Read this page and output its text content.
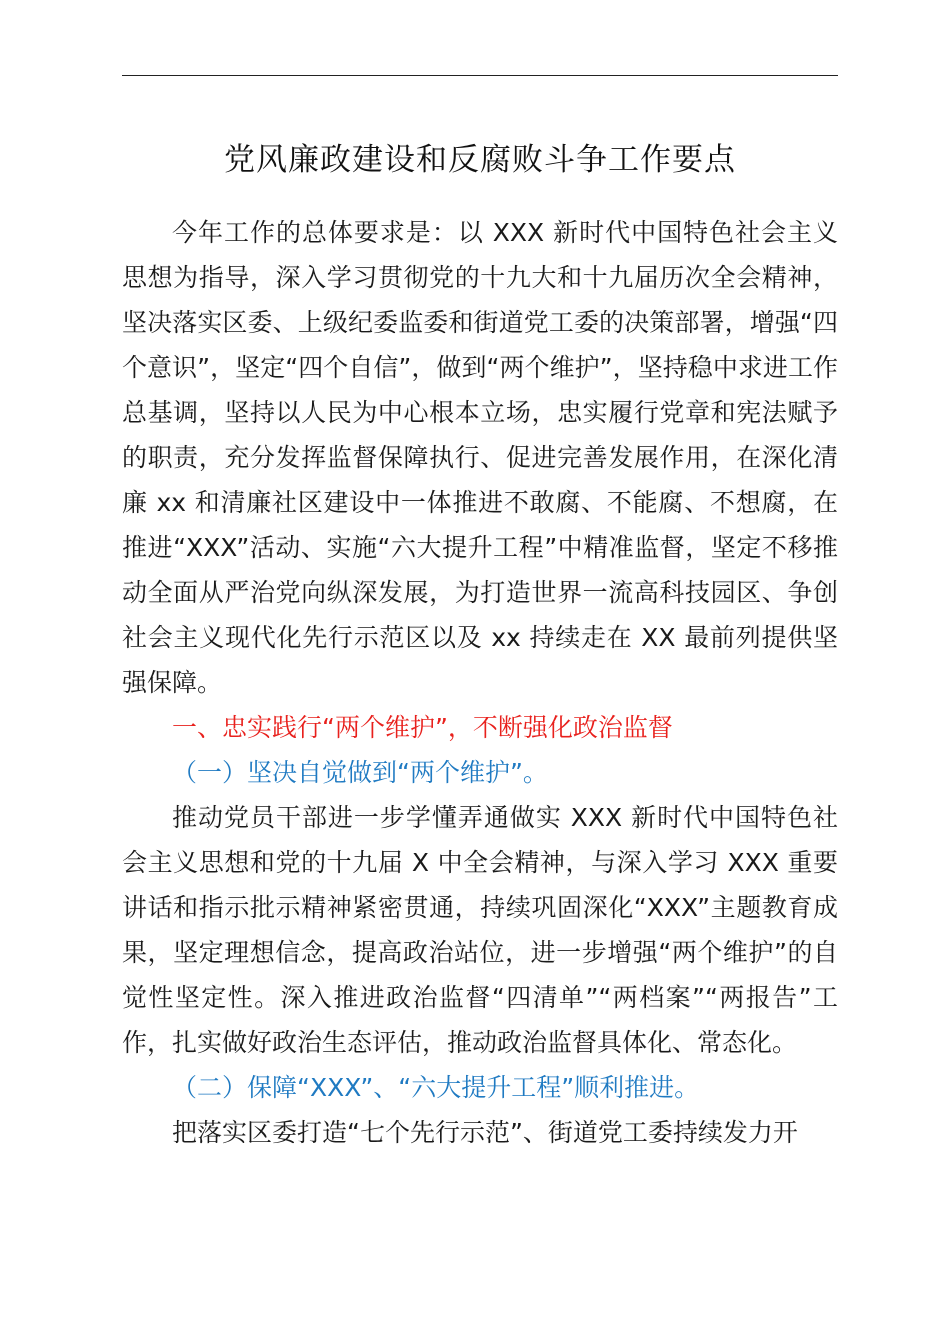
党风廉政建设和反腐败斗争工作要点

今年工作的总体要求是：以 XXX 新时代中国特色社会主义思想为指导，深入学习贯彻党的十九大和十九届历次全会精神，坚决落实区委、上级纪委监委和街道党工委的决策部署，增强“四个意识”，坚定“四个自信”，做到“两个维护”，坚持稳中求进工作总基调，坚持以人民为中心根本立场，忠实履行党章和宪法赋予的职责，充分发挥监督保障执行、促进完善发展作用，在深化清廉 xx 和清廉社区建设中一体推进不敢腐、不能腐、不想腐，在推进“XXX”活动、实施“六大提升工程”中精准监督，坚定不移推动全面从严治党向纵深发展，为打造世界一流高科技园区、争创社会主义现代化先行示范区以及 xx 持续走在 XX 最前列提供坚强保障。

一、忠实践行“两个维护”，不断强化政治监督

（一）坚决自觉做到“两个维护”。

推动党员干部进一步学懂弄通做实 XXX 新时代中国特色社会主义思想和党的十九届 X 中全会精神，与深入学习 XXX 重要讲话和指示批示精神紧密贯通，持续巩固深化“XXX”主题教育成果，坚定理想信念，提高政治站位，进一步增强“两个维护”的自觉性坚定性。深入推进政治监督“四清单”“两档案”“两报告”工作，扎实做好政治生态评估，推动政治监督具体化、常态化。

（二）保障“XXX”、“六大提升工程”顺利推进。

把落实区委打造“七个先行示范”、街道党工委持续发力开
